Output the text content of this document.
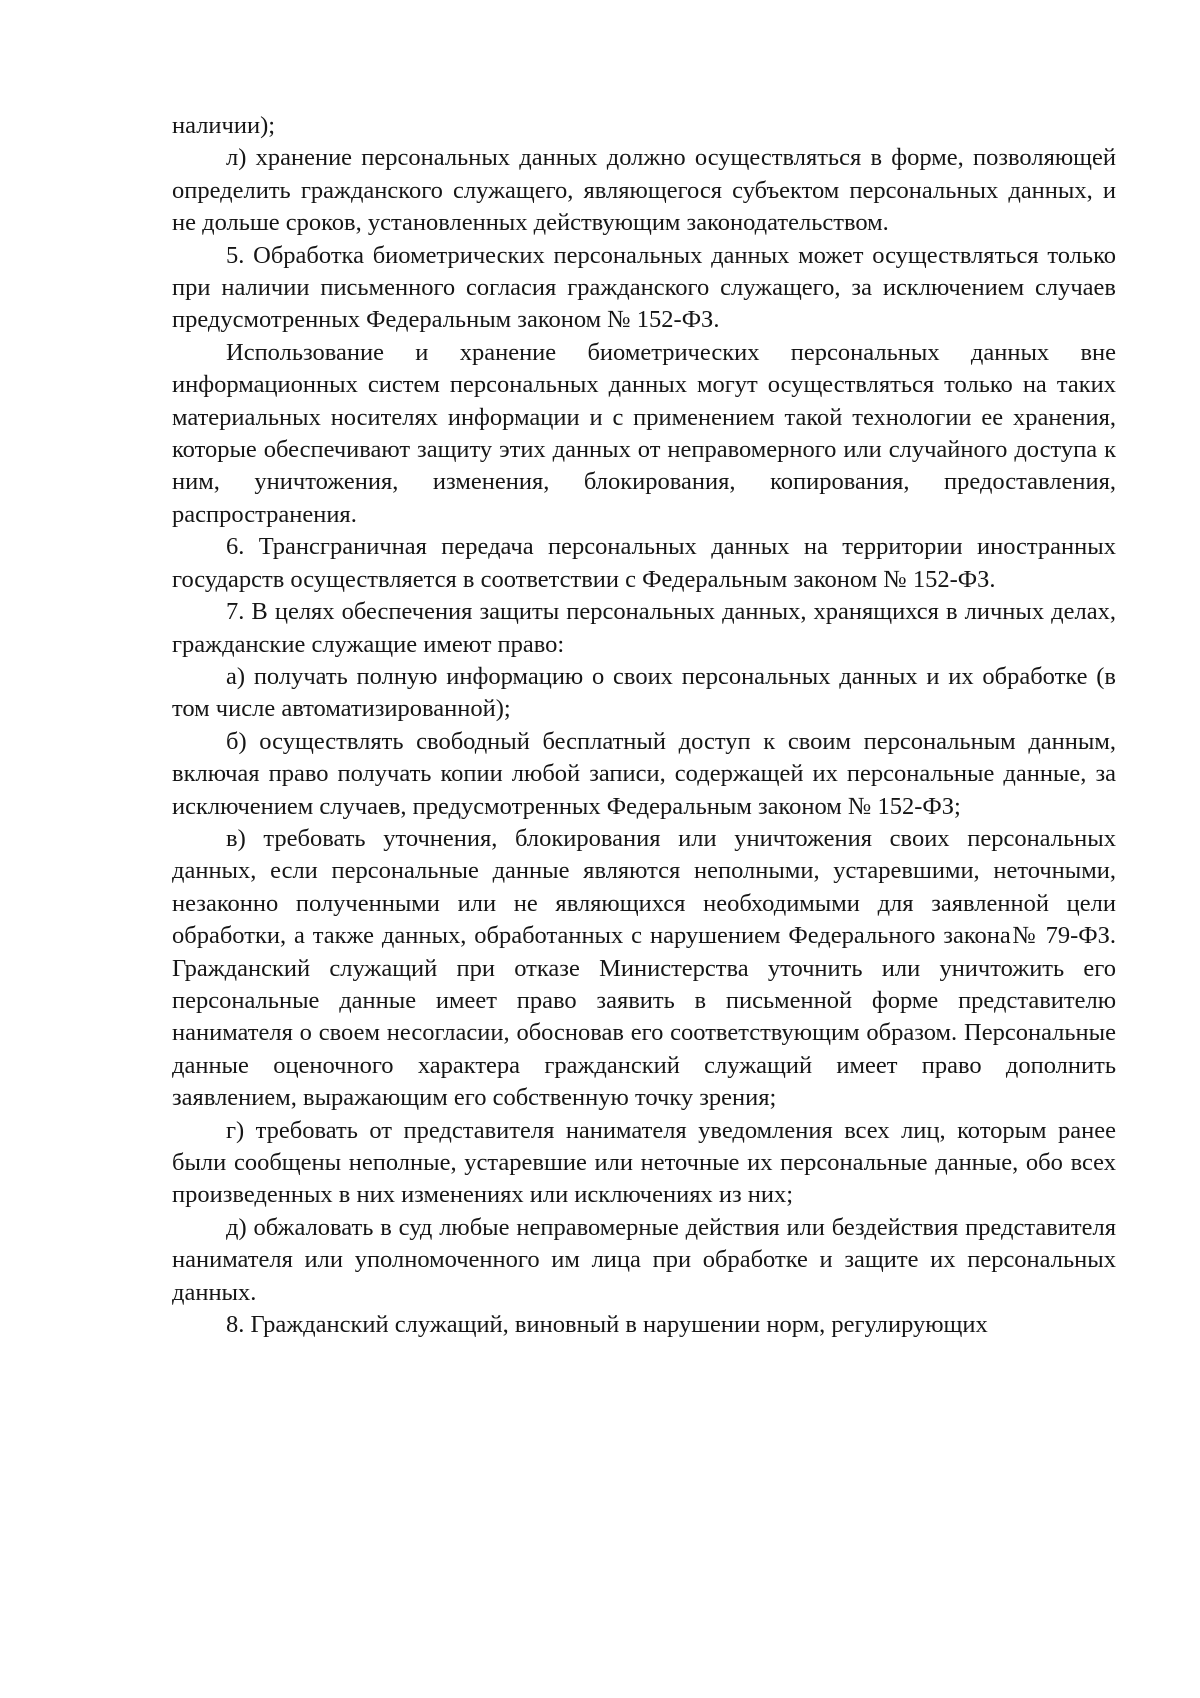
наличии);

л) хранение персональных данных должно осуществляться в форме, позволяющей определить гражданского служащего, являющегося субъектом персональных данных, и не дольше сроков, установленных действующим законодательством.

5. Обработка биометрических персональных данных может осуществляться только при наличии письменного согласия гражданского служащего, за исключением случаев предусмотренных Федеральным законом № 152-ФЗ.

Использование и хранение биометрических персональных данных вне информационных систем персональных данных могут осуществляться только на таких материальных носителях информации и с применением такой технологии ее хранения, которые обеспечивают защиту этих данных от неправомерного или случайного доступа к ним, уничтожения, изменения, блокирования, копирования, предоставления, распространения.

6. Трансграничная передача персональных данных на территории иностранных государств осуществляется в соответствии с Федеральным законом № 152-ФЗ.

7. В целях обеспечения защиты персональных данных, хранящихся в личных делах, гражданские служащие имеют право:

а) получать полную информацию о своих персональных данных и их обработке (в том числе автоматизированной);

б) осуществлять свободный бесплатный доступ к своим персональным данным, включая право получать копии любой записи, содержащей их персональные данные, за исключением случаев, предусмотренных Федеральным законом № 152-ФЗ;

в) требовать уточнения, блокирования или уничтожения своих персональных данных, если персональные данные являются неполными, устаревшими, неточными, незаконно полученными или не являющихся необходимыми для заявленной цели обработки, а также данных, обработанных с нарушением Федерального закона№ 79-ФЗ. Гражданский служащий при отказе Министерства уточнить или уничтожить его персональные данные имеет право заявить в письменной форме представителю нанимателя о своем несогласии, обосновав его соответствующим образом. Персональные данные оценочного характера гражданский служащий имеет право дополнить заявлением, выражающим его собственную точку зрения;

г) требовать от представителя нанимателя уведомления всех лиц, которым ранее были сообщены неполные, устаревшие или неточные их персональные данные, обо всех произведенных в них изменениях или исключениях из них;

д) обжаловать в суд любые неправомерные действия или бездействия представителя нанимателя или уполномоченного им лица при обработке и защите их персональных данных.

8. Гражданский служащий, виновный в нарушении норм, регулирующих
